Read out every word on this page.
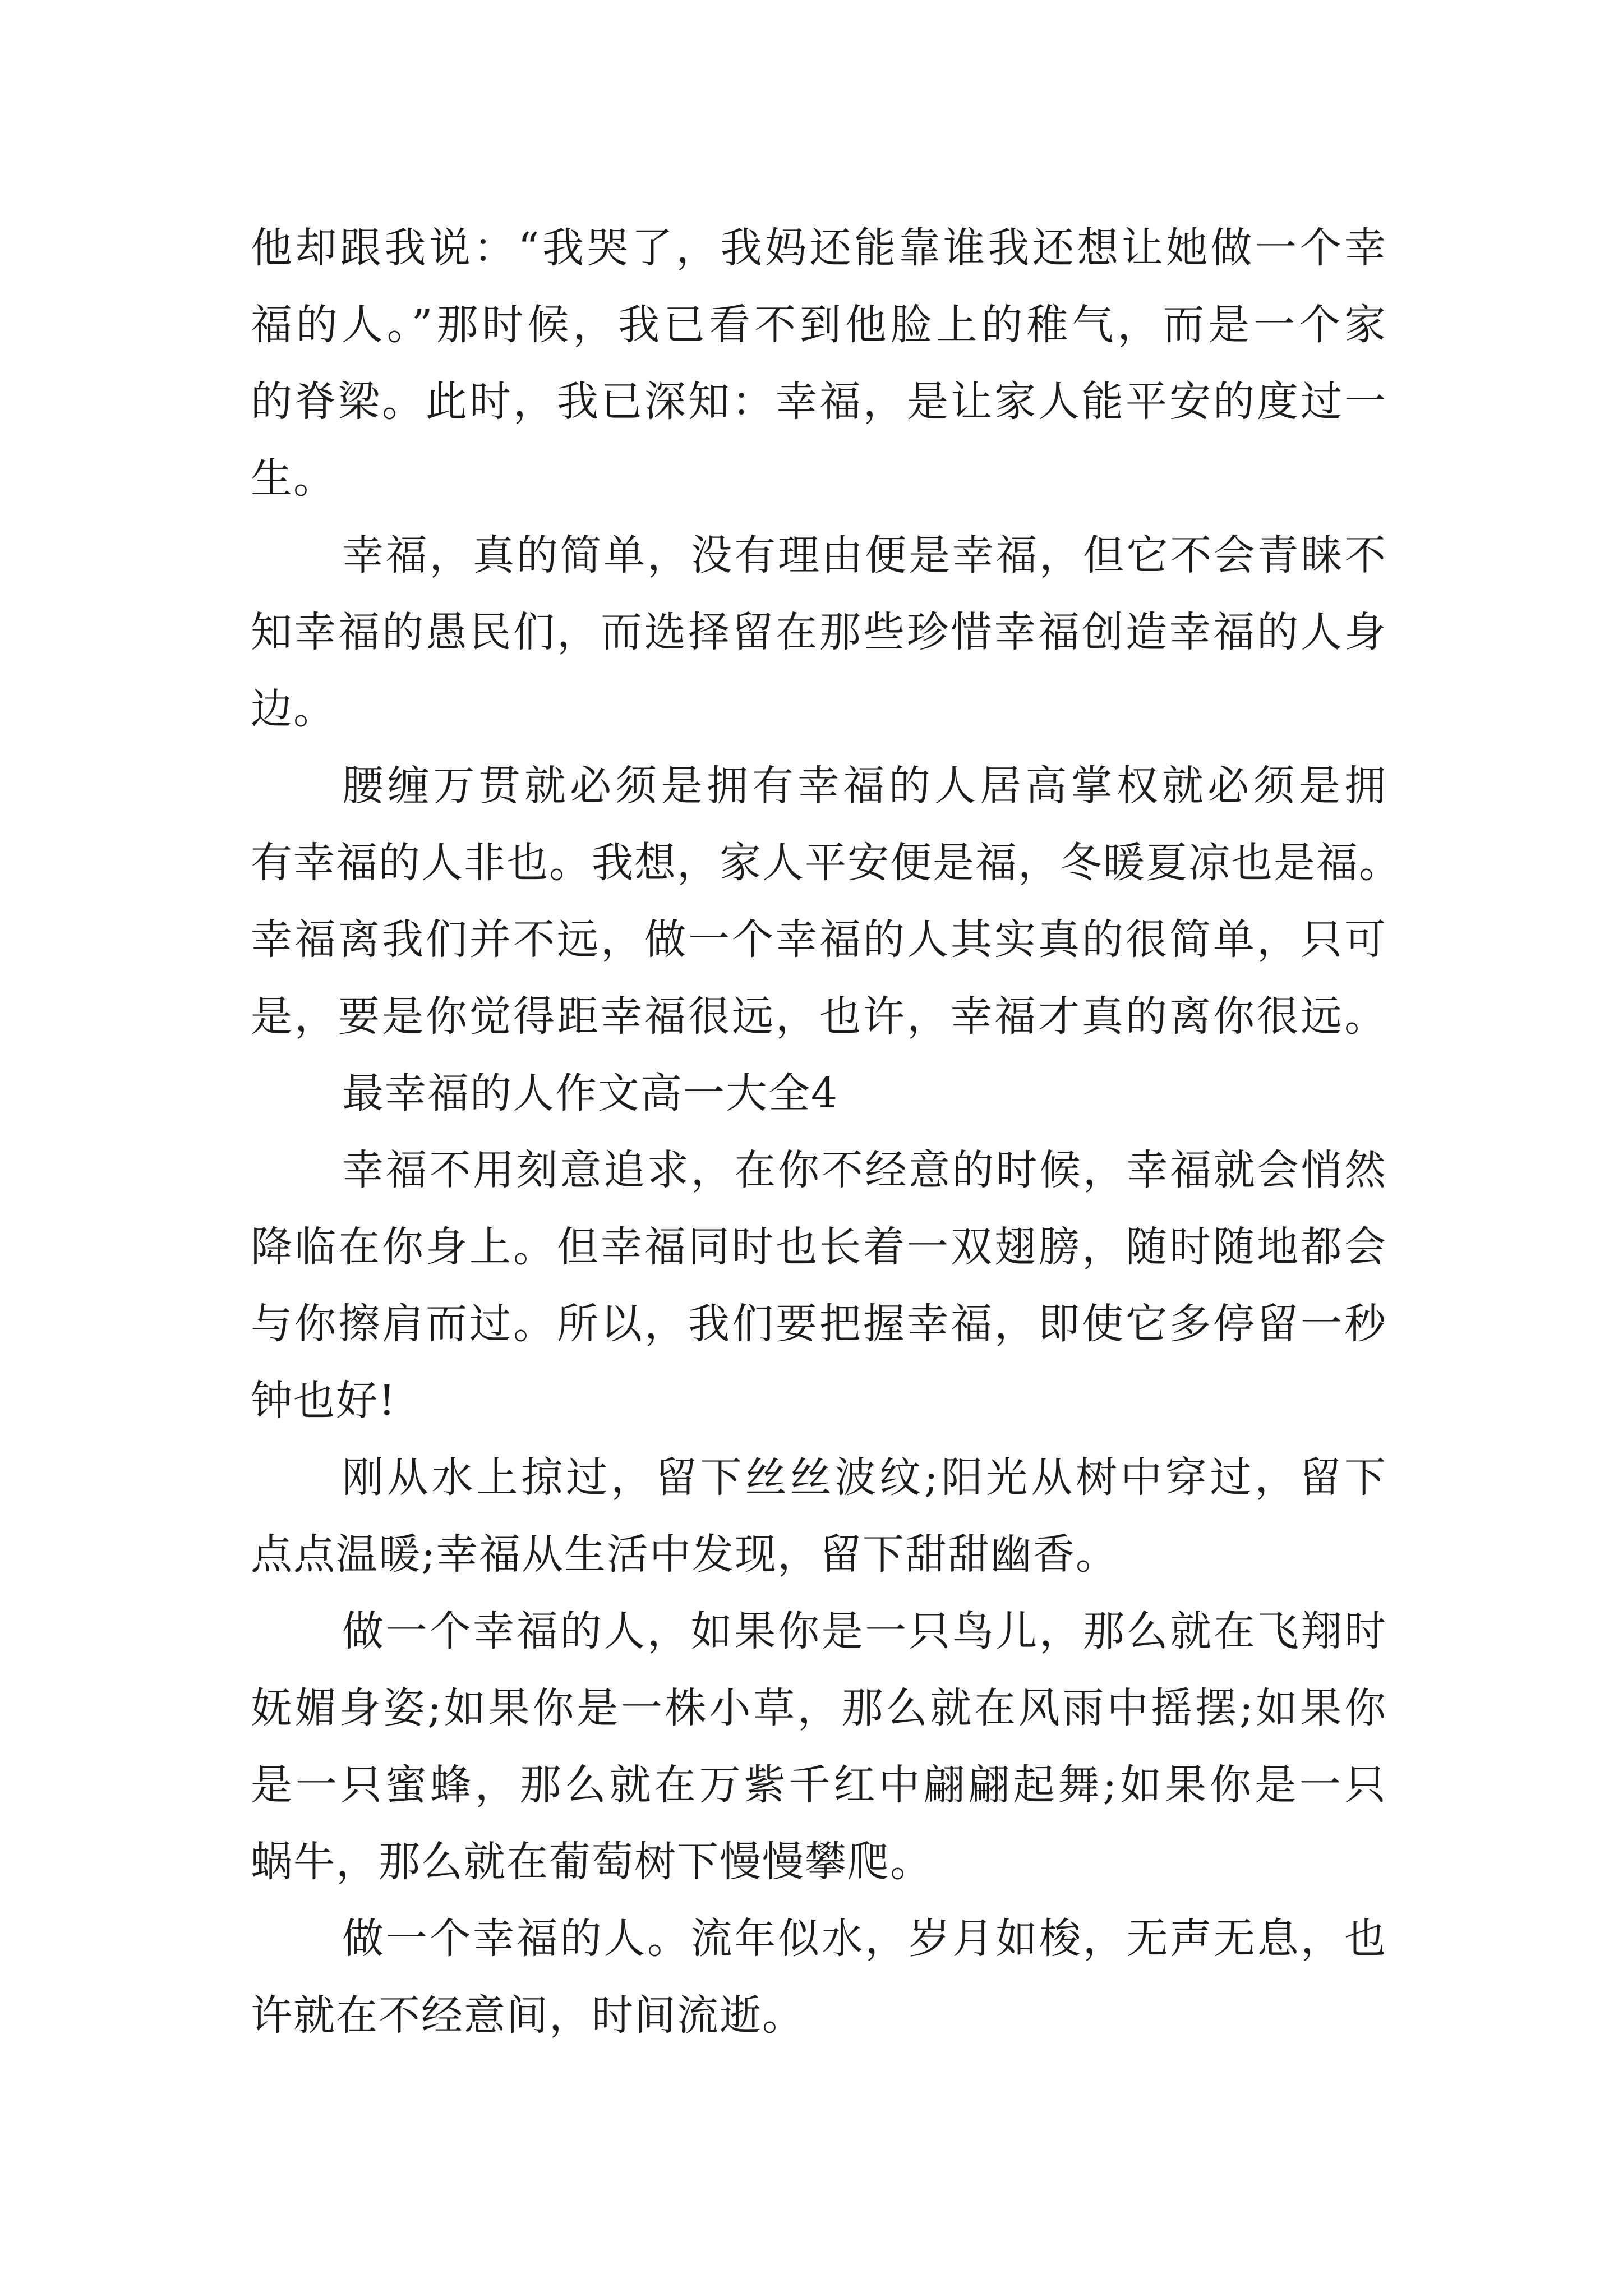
他却跟我说：“我哭了，我妈还能靠谁我还想让她做一个幸
福的人。”那时候，我已看不到他脸上的稚气，而是一个家
的脊梁。此时，我已深知：幸福，是让家人能平安的度过一
生。
幸福，真的简单，没有理由便是幸福，但它不会青睐不
知幸福的愚民们，而选择留在那些珍惜幸福创造幸福的人身
边。
腰缠万贯就必须是拥有幸福的人居高掌权就必须是拥
有幸福的人非也。我想，家人平安便是福，冬暖夏凉也是福。
幸福离我们并不远，做一个幸福的人其实真的很简单，只可
是，要是你觉得距幸福很远，也许，幸福才真的离你很远。
最幸福的人作文高一大全4
幸福不用刻意追求，在你不经意的时候，幸福就会悄然
降临在你身上。但幸福同时也长着一双翅膀，随时随地都会
与你擦肩而过。所以，我们要把握幸福，即使它多停留一秒
钟也好!
刚从水上掠过，留下丝丝波纹;阳光从树中穿过，留下
点点温暖;幸福从生活中发现，留下甜甜幽香。
做一个幸福的人，如果你是一只鸟儿，那么就在飞翔时
妩媚身姿;如果你是一株小草，那么就在风雨中摇摆;如果你
是一只蜜蜂，那么就在万紫千红中翩翩起舞;如果你是一只
蜗牛，那么就在葡萄树下慢慢攀爬。
做一个幸福的人。流年似水，岁月如梭，无声无息，也
许就在不经意间，时间流逝。
